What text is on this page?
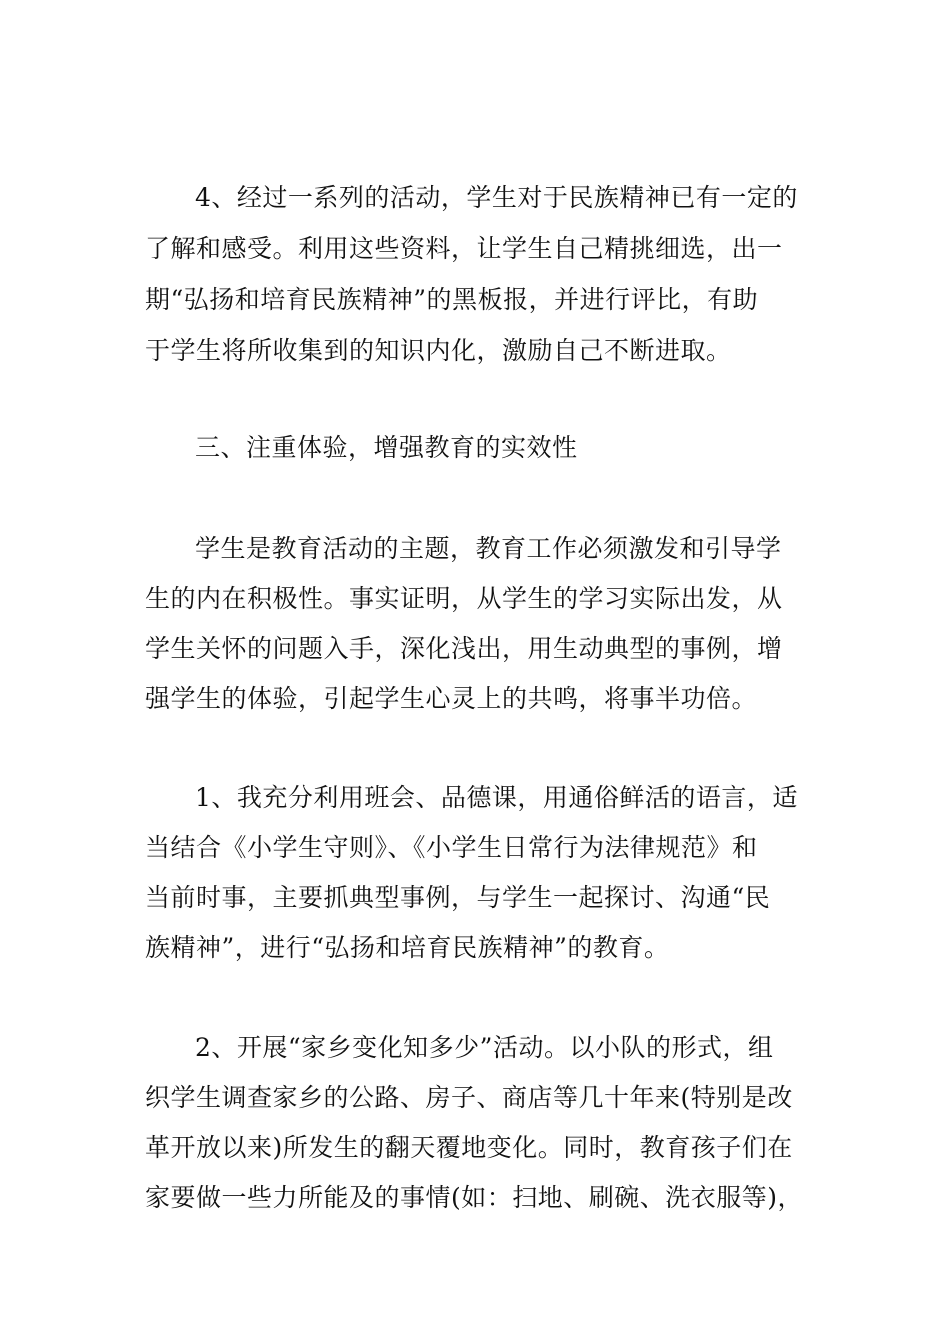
4、经过一系列的活动，学生对于民族精神已有一定的
了解和感受。利用这些资料，让学生自己精挑细选，出一
期“弘扬和培育民族精神”的黑板报，并进行评比，有助
于学生将所收集到的知识内化，激励自己不断进取。
三、注重体验，增强教育的实效性
学生是教育活动的主题，教育工作必须激发和引导学
生的内在积极性。事实证明，从学生的学习实际出发，从
学生关怀的问题入手，深化浅出，用生动典型的事例，增
强学生的体验，引起学生心灵上的共鸣，将事半功倍。
1、我充分利用班会、品德课，用通俗鲜活的语言，适
当结合《小学生守则》、《小学生日常行为法律规范》和
当前时事，主要抓典型事例，与学生一起探讨、沟通“民
族精神”，进行“弘扬和培育民族精神”的教育。
2、开展“家乡变化知多少”活动。以小队的形式，组
织学生调查家乡的公路、房子、商店等几十年来(特别是改
革开放以来)所发生的翻天覆地变化。同时，教育孩子们在
家要做一些力所能及的事情(如：扫地、刷碗、洗衣服等)，
